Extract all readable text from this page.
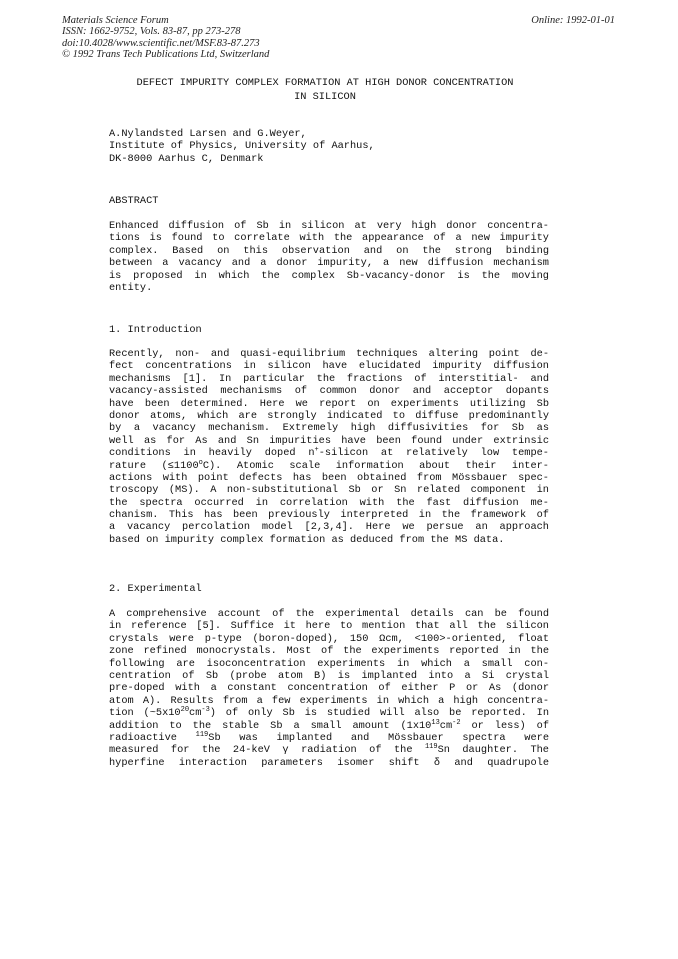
Materials Science Forum
ISSN: 1662-9752, Vols. 83-87, pp 273-278
doi:10.4028/www.scientific.net/MSF.83-87.273
© 1992 Trans Tech Publications Ltd, Switzerland
Online: 1992-01-01
DEFECT IMPURITY COMPLEX FORMATION AT HIGH DONOR CONCENTRATION
IN SILICON
A.Nylandsted Larsen and G.Weyer,
Institute of Physics, University of Aarhus,
DK-8000 Aarhus C, Denmark
ABSTRACT
Enhanced diffusion of Sb in silicon at very high donor concentra-
tions is found to correlate with the appearance of a new impurity
complex. Based on this observation and on the strong binding
between a vacancy and a donor impurity, a new diffusion mechanism
is proposed in which the complex Sb-vacancy-donor is the moving
entity.
1. Introduction
Recently, non- and quasi-equilibrium techniques altering point de-
fect concentrations in silicon have elucidated impurity diffusion
mechanisms [1]. In particular the fractions of interstitial- and
vacancy-assisted mechanisms of common donor and acceptor dopants
have been determined. Here we report on experiments utilizing Sb
donor atoms, which are strongly indicated to diffuse predominantly
by a vacancy mechanism. Extremely high diffusivities for Sb as
well as for As and Sn impurities have been found under extrinsic
conditions in heavily doped n+-silicon at relatively low tempe-
rature $(\le 1100^oC)$. Atomic scale information about their inter-
actions with point defects has been obtained from Mössbauer spec-
troscopy (MS). A non-substitutional Sb or Sn related component in
the spectra occurred in correlation with the fast diffusion me-
chanism. This has been previously interpreted in the framework of
a vacancy percolation model [2,3,4]. Here we persue an approach
based on impurity complex formation as deduced from the MS data.
2. Experimental
A comprehensive account of the experimental details can be found
in reference [5]. Suffice it here to mention that all the silicon
crystals were p-type (boron-doped), 150 Ωcm, <100>-oriented, float
zone refined monocrystals. Most of the experiments reported in the
following are isoconcentration experiments in which a small con-
centration of Sb (probe atom B) is implanted into a Si crystal
pre-doped with a constant concentration of either P or As (donor
atom A). Results from a few experiments in which a high concentra-
tion $(\sim 5x10^{20}cm^{-3})$ of only Sb is studied will also be reported. In
addition to the stable Sb a small amount ($1x10^{13}cm^{-2}$ or less) of
radioactive $^{119}$Sb was implanted and Mössbauer spectra were
measured for the 24-keV γ radiation of the $^{119}$Sn daughter. The
hyperfine interaction parameters isomer shift δ and quadrupole
